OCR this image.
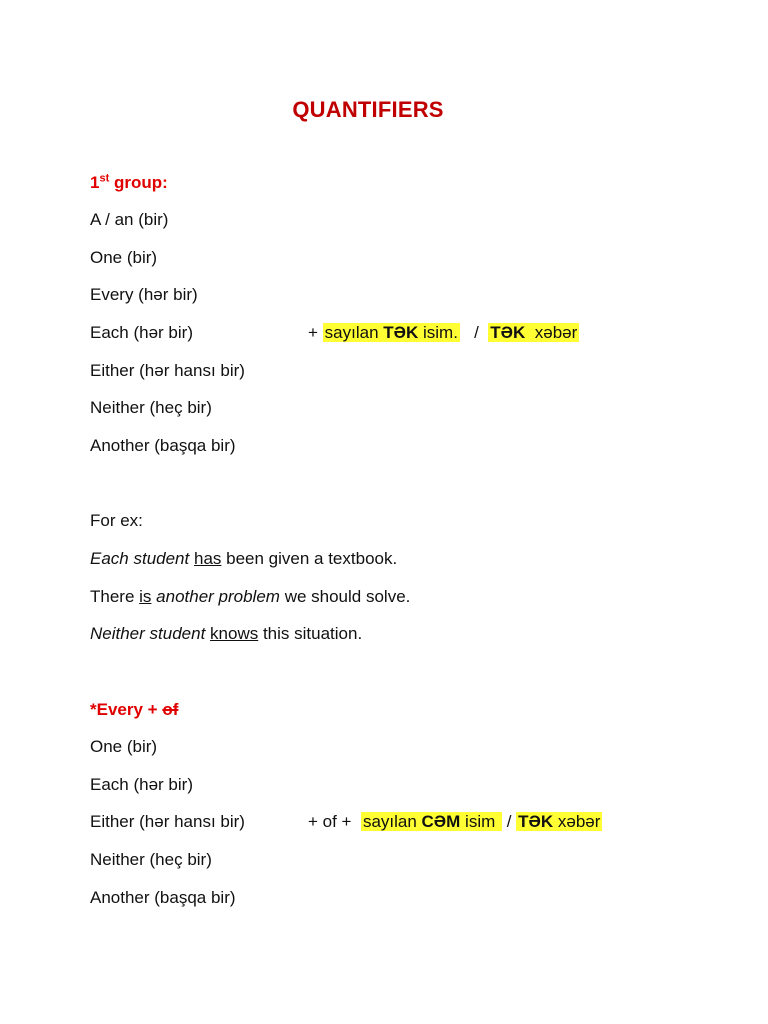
QUANTIFIERS
1st group:
A / an (bir)
One (bir)
Every (hər bir)
Each (hər bir)
Either (hər hansı bir)
Neither (heç bir)
Another (başqa bir)
+ sayılan TƏK isim.   /  TƏK  xəbər
For ex:
Each student has been given a textbook.
There is another problem we should solve.
Neither student knows this situation.
*Every + of
One (bir)
Each (hər bir)
Either (hər hansı bir)
Neither (heç bir)
Another (başqa bir)
+ of +  sayılan CƏM isim  / TƏK xəbər
